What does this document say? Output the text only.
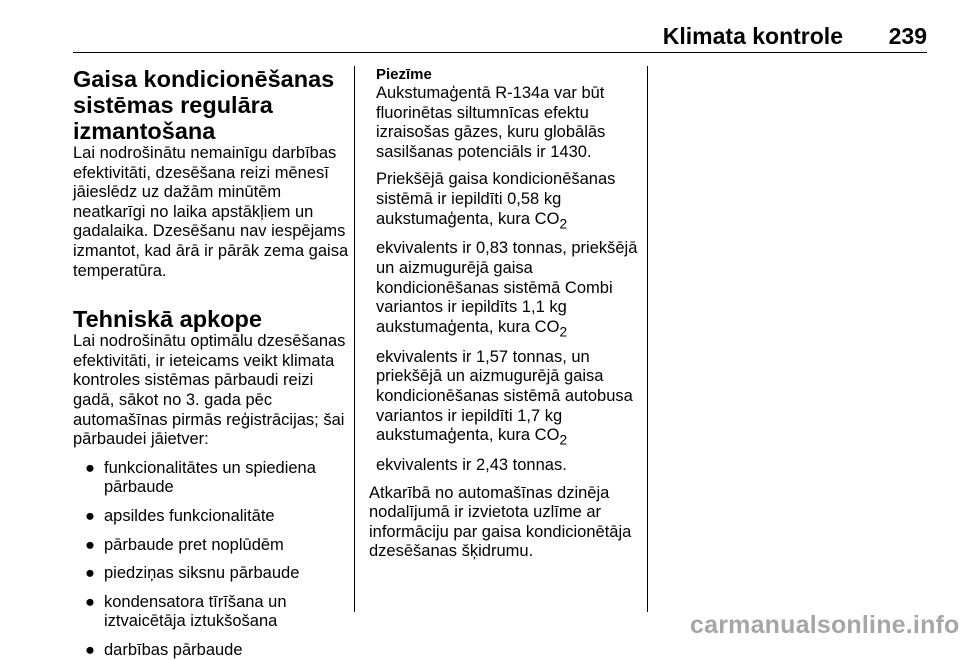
Klimata kontrole 239
Gaisa kondicionēšanas
sistēmas regulāra
izmantošana

Lai nodrošinātu nemainīgu darbības
efektivitāti, dzesēšana reizi mēnesī
jāieslēdz uz dažām minūtēm
neatkarīgi no laika apstākļiem un
gadalaika. Dzesēšanu nav iespējams
izmantot, kad ārā ir pārāk zema gaisa
temperatūra.

Tehniskā apkope

Lai nodrošinātu optimālu dzesēšanas
efektivitāti, ir ieteicams veikt klimata
kontroles sistēmas pārbaudi reizi
gadā, sākot no 3. gada pēc
automašīnas pirmās reģistrācijas; šai
pārbaudei jāietver:

● funkcionalitātes un spiediena
pārbaude
● apsildes funkcionalitāte
● pārbaude pret noplūdēm
● piedziņas siksnu pārbaude
● kondensatora tīrīšana un
iztvaicētāja iztukšošana
● darbības pārbaude
Piezīme

Aukstumaģentā R-134a var būt
fluorinētas siltumnīcas efektu
izraisošas gāzes, kuru globālās
sasilšanas potenciāls ir 1430.

Priekšējā gaisa kondicionēšanas
sistēmā ir iepildīti 0,58 kg
aukstumaģenta, kura $CO_2$
ekvivalents ir 0,83 tonnas, priekšējā
un aizmugurējā gaisa
kondicionēšanas sistēmā Combi
variantos ir iepildīts 1,1 kg
aukstumaģenta, kura $CO_2$
ekvivalents ir 1,57 tonnas, un
priekšējā un aizmugurējā gaisa
kondicionēšanas sistēmā autobusa
variantos ir iepildīti 1,7 kg
aukstumaģenta, kura $CO_2$
ekvivalents ir 2,43 tonnas.

Atkarībā no automašīnas dzinēja
nodalījumā ir izvietota uzlīme ar
informāciju par gaisa kondicionētāja
dzesēšanas šķidrumu.

carmanualsonline.info
